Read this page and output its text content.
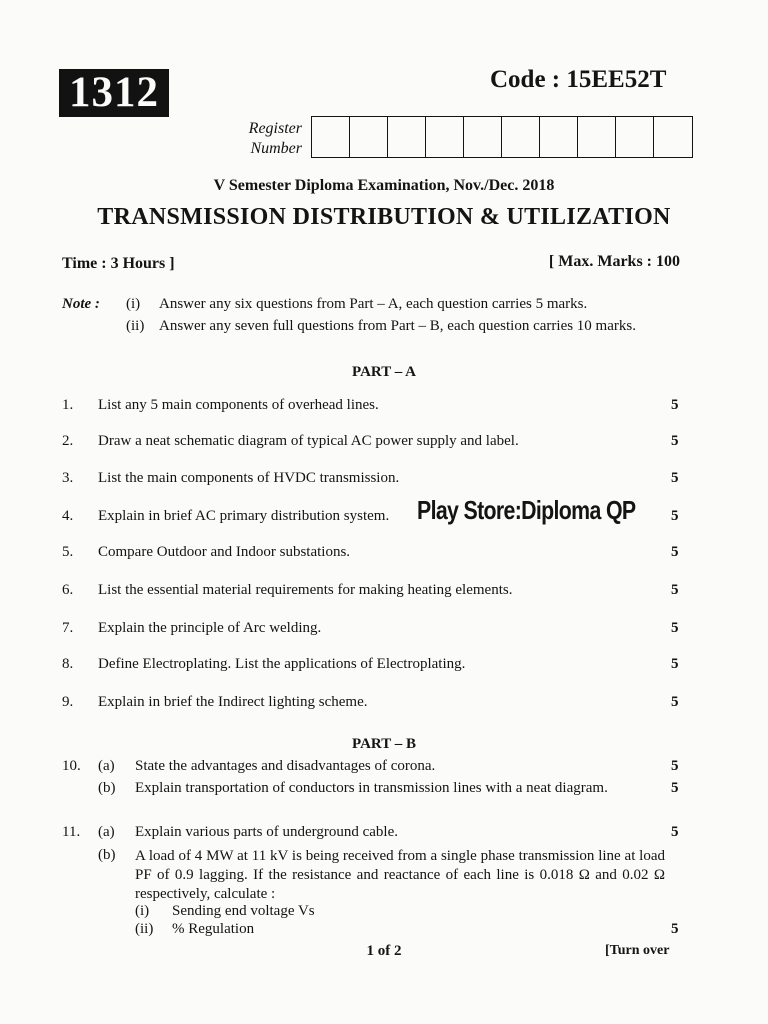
1312	Code : 15EE52T
Register Number
V Semester Diploma Examination, Nov./Dec. 2018
TRANSMISSION DISTRIBUTION & UTILIZATION
Time : 3 Hours ]	[ Max. Marks : 100
Note : (i) Answer any six questions from Part – A, each question carries 5 marks.
(ii) Answer any seven full questions from Part – B, each question carries 10 marks.
PART – A
1. List any 5 main components of overhead lines.	5
2. Draw a neat schematic diagram of typical AC power supply and label.	5
3. List the main components of HVDC transmission.	5
4. Explain in brief AC primary distribution system.	5
Play Store:Diploma QP
5. Compare Outdoor and Indoor substations.	5
6. List the essential material requirements for making heating elements.	5
7. Explain the principle of Arc welding.	5
8. Define Electroplating. List the applications of Electroplating.	5
9. Explain in brief the Indirect lighting scheme.	5
PART – B
10. (a) State the advantages and disadvantages of corona.	5
(b) Explain transportation of conductors in transmission lines with a neat diagram.	5
11. (a) Explain various parts of underground cable.	5
(b) A load of 4 MW at 11 kV is being received from a single phase transmission line at load PF of 0.9 lagging. If the resistance and reactance of each line is 0.018 Ω and 0.02 Ω respectively, calculate :
(i) Sending end voltage Vs
(ii) % Regulation	5
1 of 2	[Turn over
